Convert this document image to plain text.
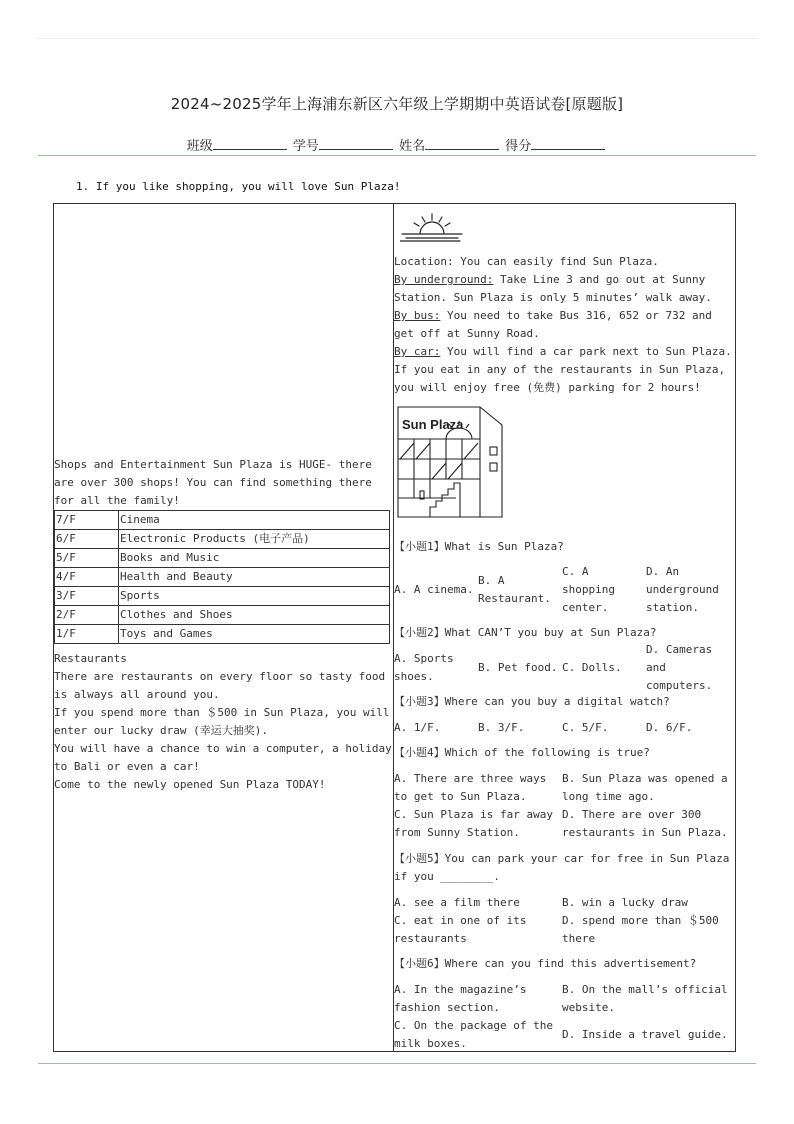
2024~2025学年上海浦东新区六年级上学期期中英语试卷[原题版]
班级	学号	姓名	得分
1. If you like shopping, you will love Sun Plaza!
Shops and Entertainment Sun Plaza is HUGE- there are over 300 shops! You can find something there for all the family!
7/F	Cinema
6/F	Electronic Products (电子产品)
5/F	Books and Music
4/F	Health and Beauty
3/F	Sports
2/F	Clothes and Shoes
1/F	Toys and Games
Restaurants
There are restaurants on every floor so tasty food is always all around you.
If you spend more than ＄500 in Sun Plaza, you will enter our lucky draw (幸运大抽奖).
You will have a chance to win a computer, a holiday to Bali or even a car!
Come to the newly opened Sun Plaza TODAY!
Location: You can easily find Sun Plaza.
By underground: Take Line 3 and go out at Sunny Station. Sun Plaza is only 5 minutes’ walk away.
By bus: You need to take Bus 316, 652 or 732 and get off at Sunny Road.
By car: You will find a car park next to Sun Plaza. If you eat in any of the restaurants in Sun Plaza, you will enjoy free (免费) parking for 2 hours!
Sun Plaza
【小题1】What is Sun Plaza?
A. A cinema.
B. A Restaurant.
C. A shopping center.
D. An underground station.
【小题2】What CAN’T you buy at Sun Plaza?
A. Sports shoes.
B. Pet food. C. Dolls.
D. Cameras and computers.
【小题3】Where can you buy a digital watch?
A. 1/F.	B. 3/F.	C. 5/F.	D. 6/F.
【小题4】Which of the following is true?
A. There are three ways to get to Sun Plaza.
B. Sun Plaza was opened a long time ago.
C. Sun Plaza is far away from Sunny Station.
D. There are over 300 restaurants in Sun Plaza.
【小题5】You can park your car for free in Sun Plaza if you ________.
A. see a film there	B. win a lucky draw
C. eat in one of its restaurants
D. spend more than ＄500 there
【小题6】Where can you find this advertisement?
A. In the magazine’s fashion section.
B. On the mall’s official website.
C. On the package of the milk boxes.
D. Inside a travel guide.
